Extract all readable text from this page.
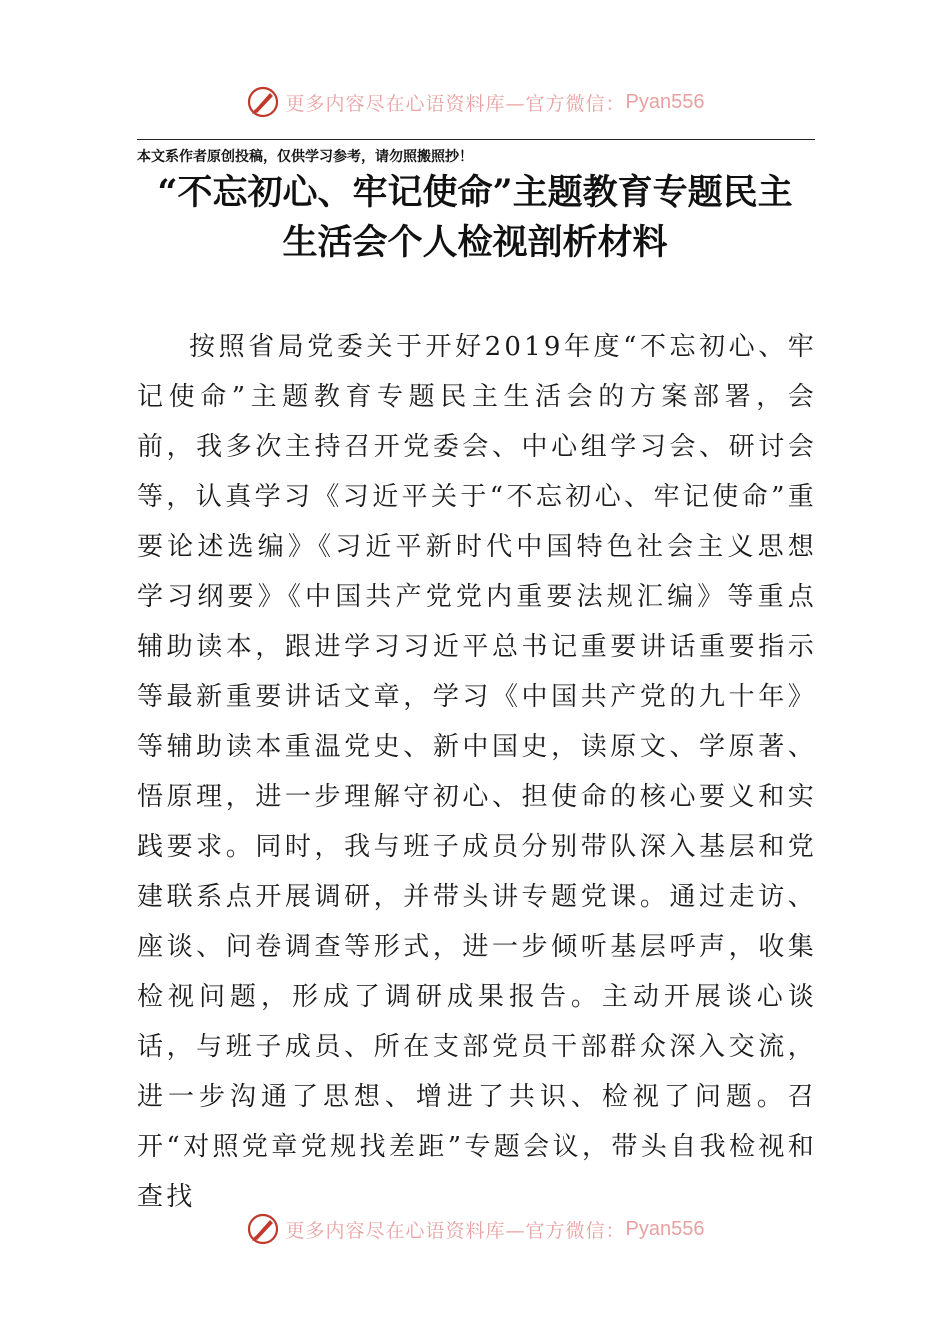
更多内容尽在心语资料库—官方微信： Pyan556
本文系作者原创投稿，仅供学习参考，请勿照搬照抄！
“不忘初心、牢记使命”主题教育专题民主
生活会个人检视剖析材料

按照省局党委关于开好2019年度“不忘初心、牢记使命”主题教育专题民主生活会的方案部署，会前，我多次主持召开党委会、中心组学习会、研讨会等，认真学习《习近平关于“不忘初心、牢记使命”重要论述选编》《习近平新时代中国特色社会主义思想学习纲要》《中国共产党党内重要法规汇编》等重点辅助读本，跟进学习习近平总书记重要讲话重要指示等最新重要讲话文章，学习《中国共产党的九十年》等辅助读本重温党史、新中国史，读原文、学原著、悟原理，进一步理解守初心、担使命的核心要义和实践要求。同时，我与班子成员分别带队深入基层和党建联系点开展调研，并带头讲专题党课。通过走访、座谈、问卷调查等形式，进一步倾听基层呼声，收集检视问题，形成了调研成果报告。主动开展谈心谈话，与班子成员、所在支部党员干部群众深入交流，进一步沟通了思想、增进了共识、检视了问题。召开“对照党章党规找差距”专题会议，带头自我检视和查找

更多内容尽在心语资料库—官方微信： Pyan556
